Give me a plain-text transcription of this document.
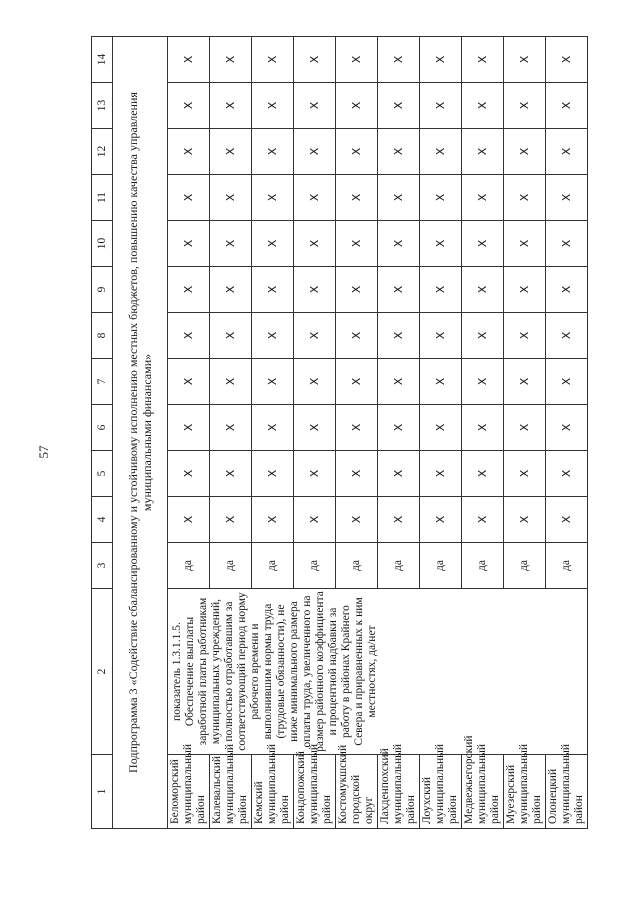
57
1	2	3	4	5	6	7	8	9	10	11	12	13	14
Подпрограмма 3 «Содействие сбалансированному и устойчивому исполнению местных бюджетов, повышению качества управления муниципальными финансами»													
Беломорский муниципальный район	показатель 1.3.1.1.5. Обеспечение выплаты заработной платы работникам муниципальных учреждений, полностью отработавшим за соответствующий период норму рабочего времени и выполнившим нормы труда (трудовые обязанности), не ниже минимального размера оплаты труда, увеличенного на размер районного коэффициента и процентной надбавки за работу в районах Крайнего Севера и приравненных к ним местностях, да/нет	да	Х	Х	Х	Х	Х	Х	Х	Х	Х	Х	Х
Калевальский муниципальный район		да	Х	Х	Х	Х	Х	Х	Х	Х	Х	Х	Х
Кемский муниципальный район		да	Х	Х	Х	Х	Х	Х	Х	Х	Х	Х	Х
Кондопожский муниципальный район		да	Х	Х	Х	Х	Х	Х	Х	Х	Х	Х	Х
Костомукшский городской округ		да	Х	Х	Х	Х	Х	Х	Х	Х	Х	Х	Х
Лахденпохский муниципальный район		да	Х	Х	Х	Х	Х	Х	Х	Х	Х	Х	Х
Лоухский муниципальный район		да	Х	Х	Х	Х	Х	Х	Х	Х	Х	Х	Х
Медвежьегорский муниципальный район		да	Х	Х	Х	Х	Х	Х	Х	Х	Х	Х	Х
Муезерский муниципальный район		да	Х	Х	Х	Х	Х	Х	Х	Х	Х	Х	Х
Олонецкий муниципальный район		да	Х	Х	Х	Х	Х	Х	Х	Х	Х	Х	Х
